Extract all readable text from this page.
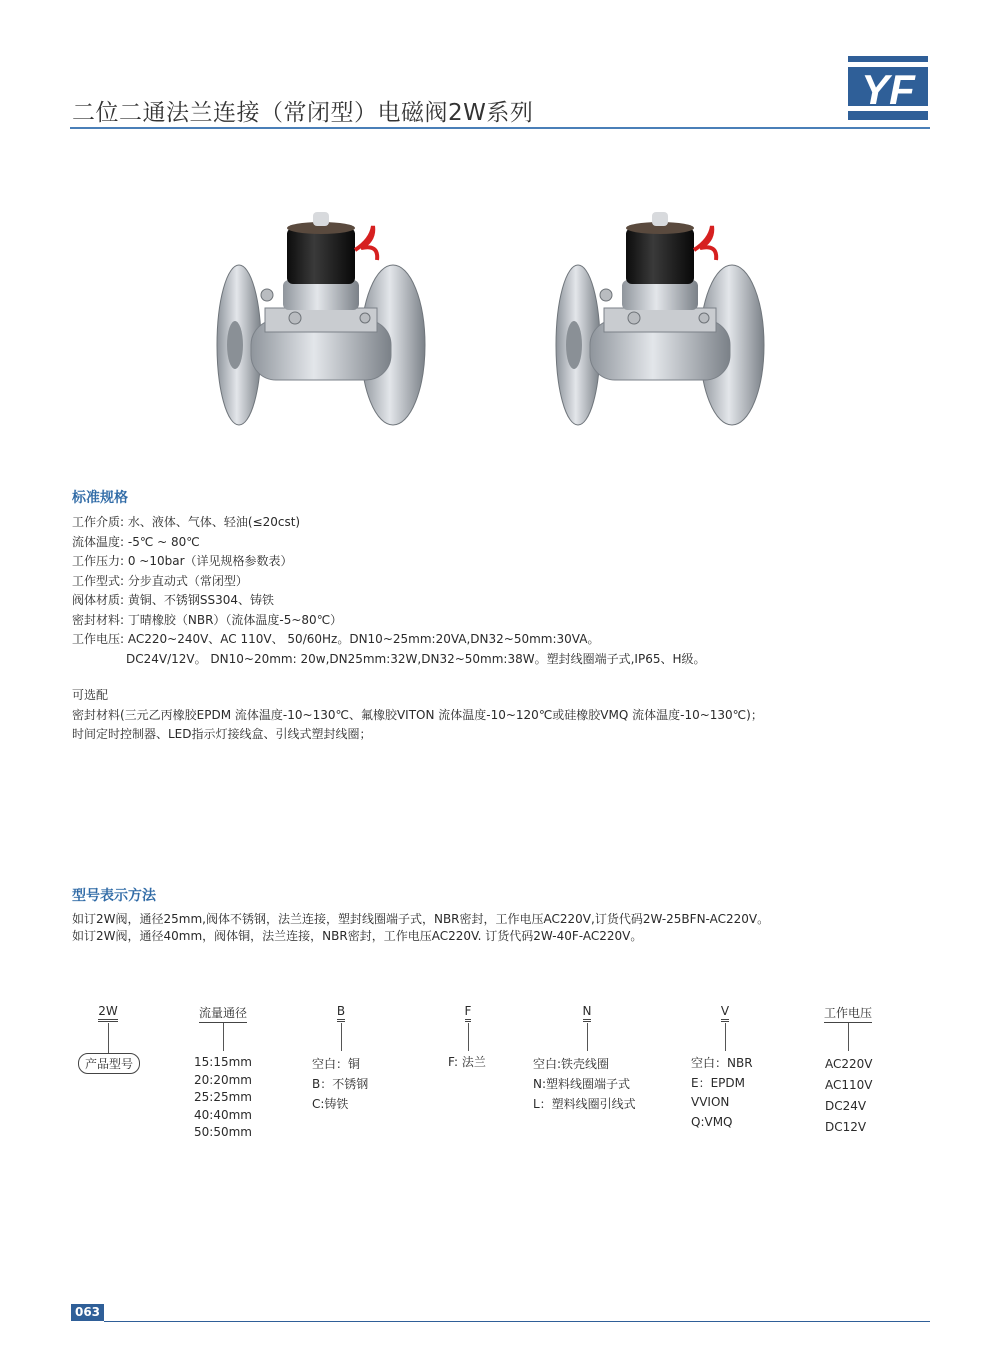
二位二通法兰连接（常闭型）电磁阀2W系列	YF
标准规格
工作介质: 水、液体、气体、轻油(≤20cst)
流体温度: -5℃ ~ 80℃
工作压力: 0 ~10bar（详见规格参数表）
工作型式: 分步直动式（常闭型）
阀体材质: 黄铜、不锈钢SS304、铸铁
密封材料: 丁晴橡胶（NBR）（流体温度-5~80℃）
工作电压: AC220~240V、AC 110V、 50/60Hz。DN10~25mm:20VA,DN32~50mm:30VA。
DC24V/12V。 DN10~20mm: 20w,DN25mm:32W,DN32~50mm:38W。塑封线圈端子式,IP65、H级。
可选配
密封材料(三元乙丙橡胶EPDM 流体温度-10~130℃、氟橡胶VITON 流体温度-10~120℃或硅橡胶VMQ 流体温度-10~130℃)；
时间定时控制器、LED指示灯接线盒、引线式塑封线圈；
型号表示方法
如订2W阀，通径25mm,阀体不锈钢，法兰连接，塑封线圈端子式，NBR密封，工作电压AC220V,订货代码2W-25BFN-AC220V。
如订2W阀，通径40mm，阀体铜，法兰连接，NBR密封，工作电压AC220V. 订货代码2W-40F-AC220V。
2W
产品型号
流量通径
15:15mm
20:20mm
25:25mm
40:40mm
50:50mm
B
空白：铜
B：不锈钢
C:铸铁
F
F: 法兰
N
空白:铁壳线圈
N:塑料线圈端子式
L：塑料线圈引线式
V
空白：NBR
E：EPDM
VVION
Q:VMQ
工作电压
AC220V
AC110V
DC24V
DC12V
063
